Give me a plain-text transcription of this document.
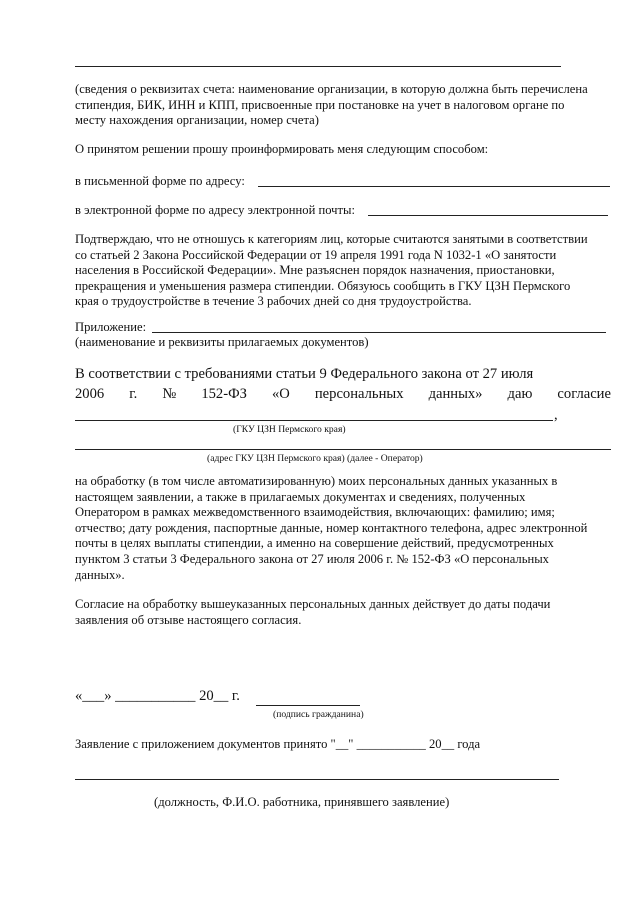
(сведения о реквизитах счета: наименование организации, в которую должна быть перечислена
стипендия, БИК, ИНН и КПП, присвоенные при постановке на учет в налоговом органе по
месту нахождения организации, номер счета)
О принятом решении прошу проинформировать меня следующим способом:
в письменной форме по адресу:
в электронной форме по адресу электронной почты:
Подтверждаю, что не отношусь к категориям лиц, которые считаются занятыми в соответствии
со статьей 2 Закона Российской Федерации от 19 апреля 1991 года N 1032-1 «О занятости
населения в Российской Федерации». Мне разъяснен порядок назначения, приостановки,
прекращения и уменьшения размера стипендии. Обязуюсь сообщить в ГКУ ЦЗН Пермского
края о трудоустройстве в течение 3 рабочих дней со дня трудоустройства.
Приложение:
(наименование и реквизиты прилагаемых документов)
В соответствии с требованиями статьи 9 Федерального закона от 27 июля
2006 г. № 152-ФЗ «О персональных данных» даю согласие
,
(ГКУ ЦЗН Пермского края)
(адрес ГКУ ЦЗН Пермского края) (далее - Оператор)
на обработку (в том числе автоматизированную) моих персональных данных указанных в
настоящем заявлении, а также в прилагаемых документах и сведениях, полученных
Оператором в рамках межведомственного взаимодействия, включающих: фамилию; имя;
отчество; дату рождения, паспортные данные, номер контактного телефона, адрес электронной
почты в целях выплаты стипендии, а именно на совершение действий, предусмотренных
пунктом 3 статьи 3 Федерального закона от 27 июля 2006 г. № 152-ФЗ «О персональных
данных».
Согласие на обработку вышеуказанных персональных данных действует до даты подачи
заявления об отзыве настоящего согласия.
«___» ___________ 20__ г.
(подпись гражданина)
Заявление с приложением документов принято "__" ___________ 20__ года
(должность, Ф.И.О. работника, принявшего заявление)
